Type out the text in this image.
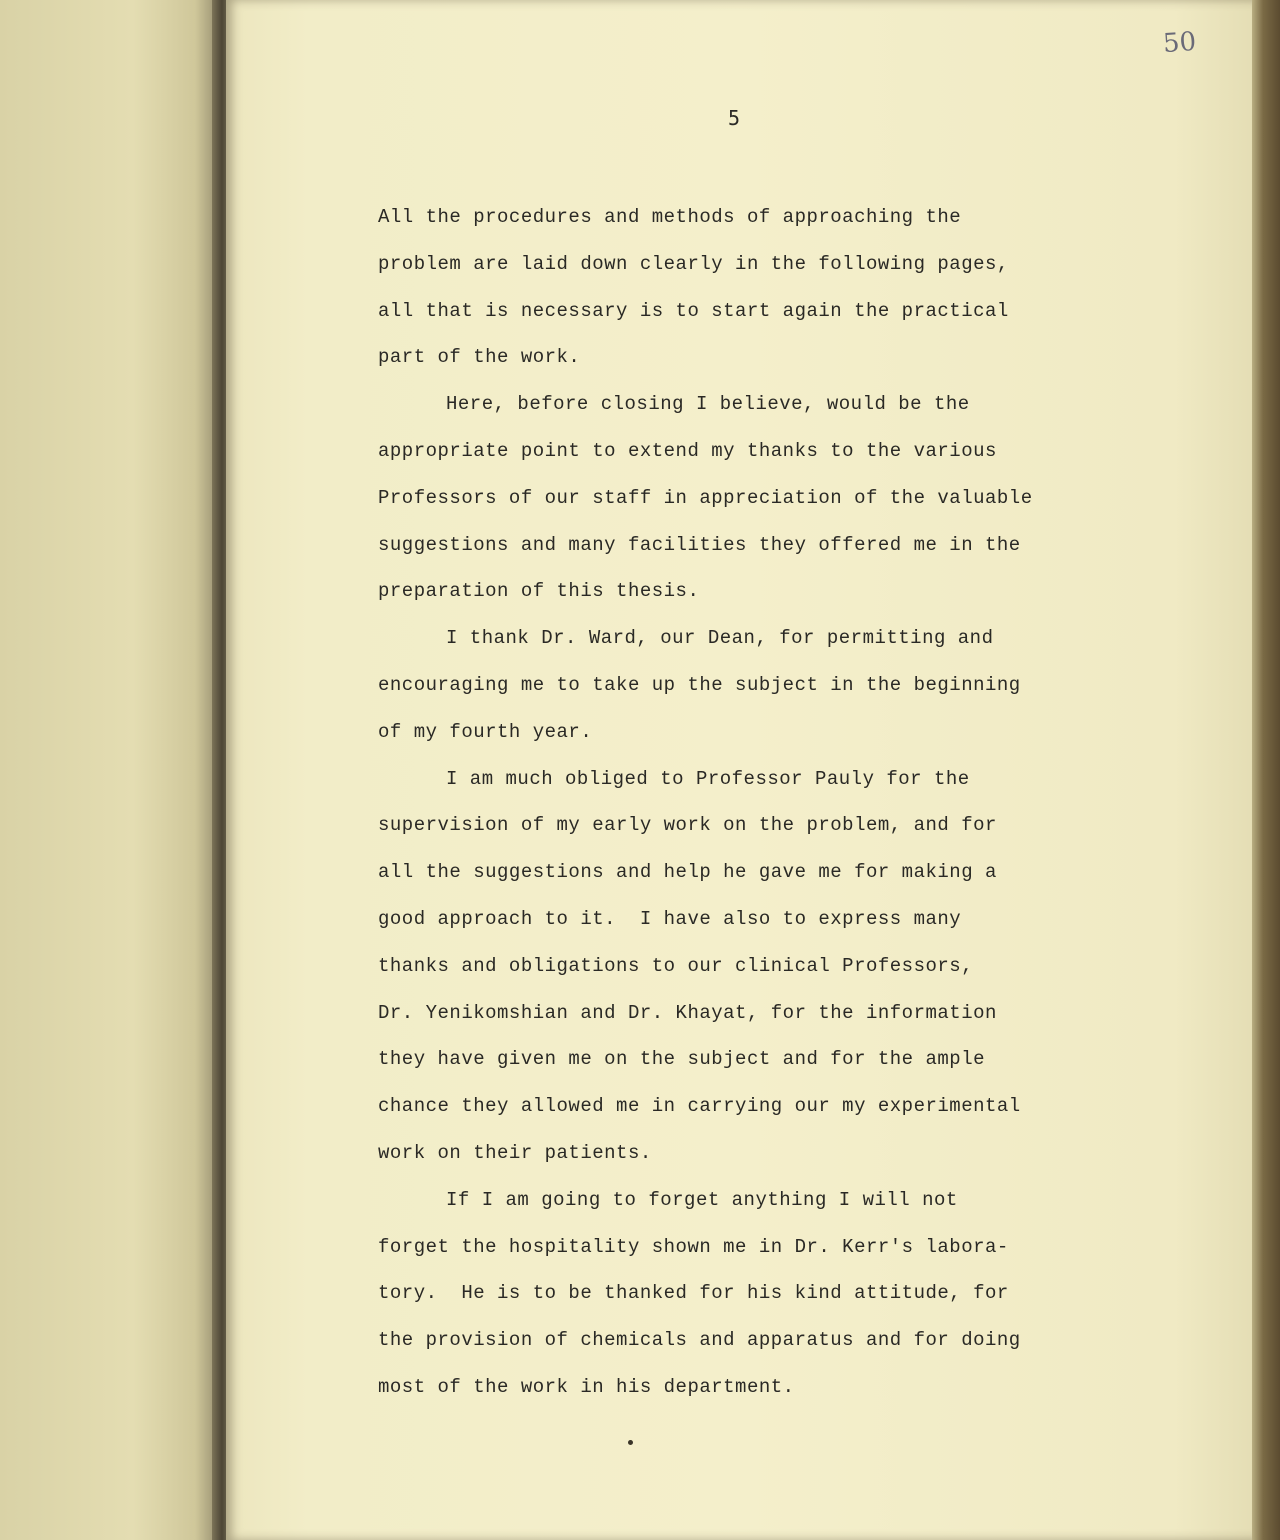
50
5
All the procedures and methods of approaching the
problem are laid down clearly in the following pages,
all that is necessary is to start again the practical
part of the work.
Here, before closing I believe, would be the
appropriate point to extend my thanks to the various
Professors of our staff in appreciation of the valuable
suggestions and many facilities they offered me in the
preparation of this thesis.
I thank Dr. Ward, our Dean, for permitting and
encouraging me to take up the subject in the beginning
of my fourth year.
I am much obliged to Professor Pauly for the
supervision of my early work on the problem, and for
all the suggestions and help he gave me for making a
good approach to it.  I have also to express many
thanks and obligations to our clinical Professors,
Dr. Yenikomshian and Dr. Khayat, for the information
they have given me on the subject and for the ample
chance they allowed me in carrying our my experimental
work on their patients.
If I am going to forget anything I will not
forget the hospitality shown me in Dr. Kerr's labora-
tory.  He is to be thanked for his kind attitude, for
the provision of chemicals and apparatus and for doing
most of the work in his department.
